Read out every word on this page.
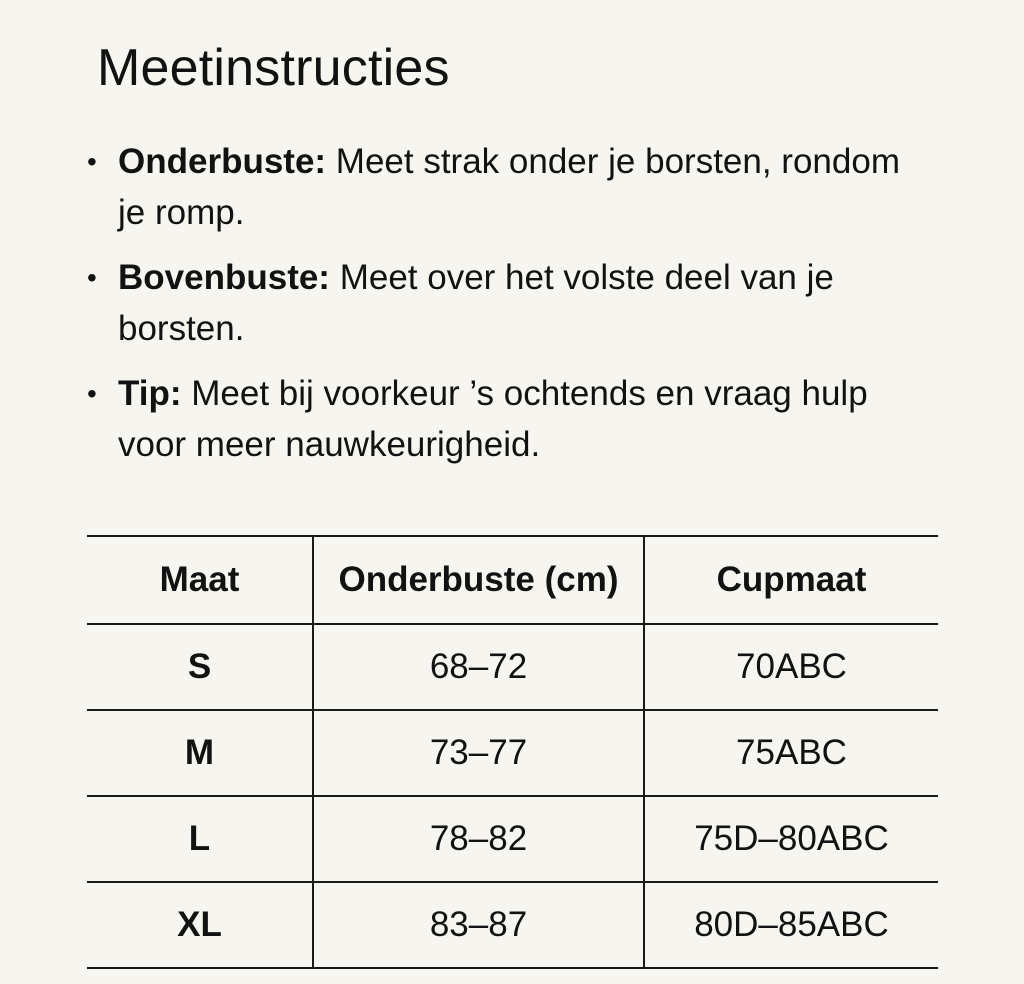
Meetinstructies
• Onderbuste: Meet strak onder je borsten, rondom je romp.
• Bovenbuste: Meet over het volste deel van je borsten.
• Tip: Meet bij voorkeur ’s ochtends en vraag hulp voor meer nauwkeurigheid.
Maat	Onderbuste (cm)	Cupmaat
S	68–72	70ABC
M	73–77	75ABC
L	78–82	75D–80ABC
XL	83–87	80D–85ABC
